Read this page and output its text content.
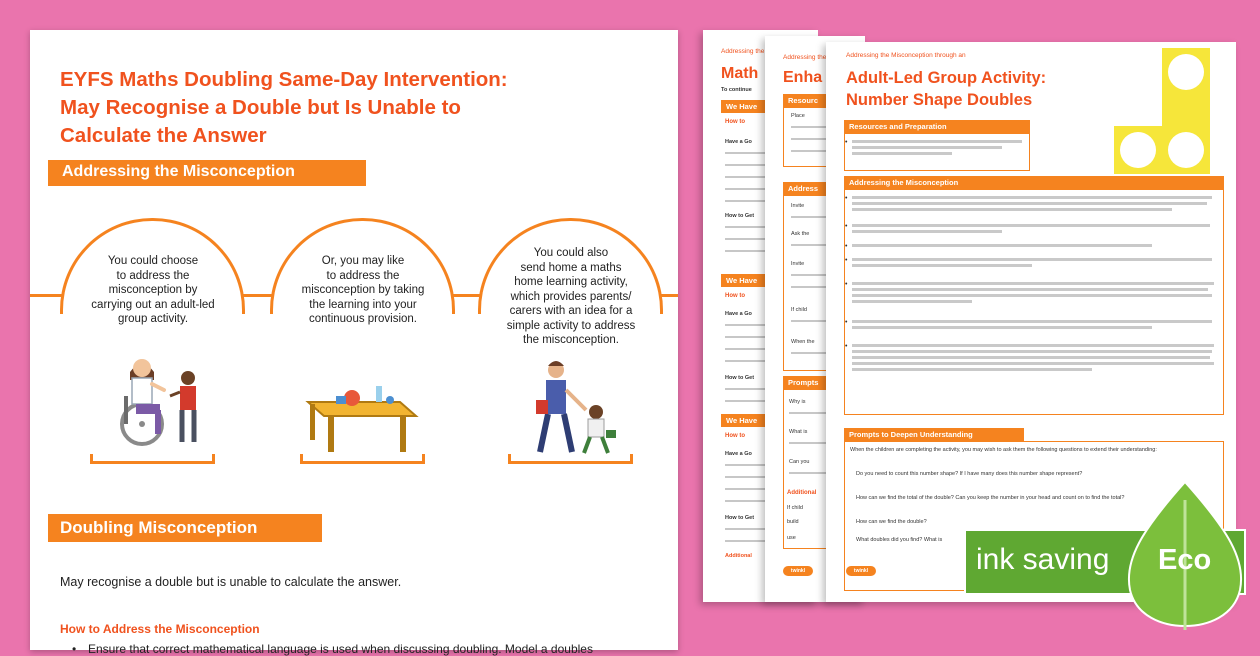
Addressing the
Math
To continue
We Have
How to
Have a Go
How to Get
We Have
How to
Have a Go
How to Get
We Have
How to
Have a Go
How to Get
Additional
Addressing the
Enha
Resourc
Place
Address
Invite
Ask the
Invite
If child
When the
Prompts
Why is
What is
Can you
Additional
If child
build
use
twinkl
Addressing the Misconception through an
Adult-Led Group Activity:
Number Shape Doubles
Resources and Preparation
•
Addressing the Misconception
•
•
•
•
•
•
•
Prompts to Deepen Understanding
When the children are completing the activity, you may wish to ask them the following questions to extend their understanding:
Do you need to count this number shape? If I have many does this number shape represent?
How can we find the total of the double? Can you keep the number in your head and count on to find the total?
How can we find the double?
What doubles did you find? What is
twinkl
EYFS Maths Doubling Same-Day Intervention:
May Recognise a Double but Is Unable to
Calculate the Answer
Addressing the Misconception
You could choose
to address the
misconception by
carrying out an adult-led
group activity.
Or, you may like
to address the
misconception by taking
the learning into your
continuous provision.
You could also
send home a maths
home learning activity,
which provides parents/
carers with an idea for a
simple activity to address
the misconception.
Doubling Misconception
May recognise a double but is unable to calculate the answer.
How to Address the Misconception
• Ensure that correct mathematical language is used when discussing doubling. Model a doubles
ink saving Eco
